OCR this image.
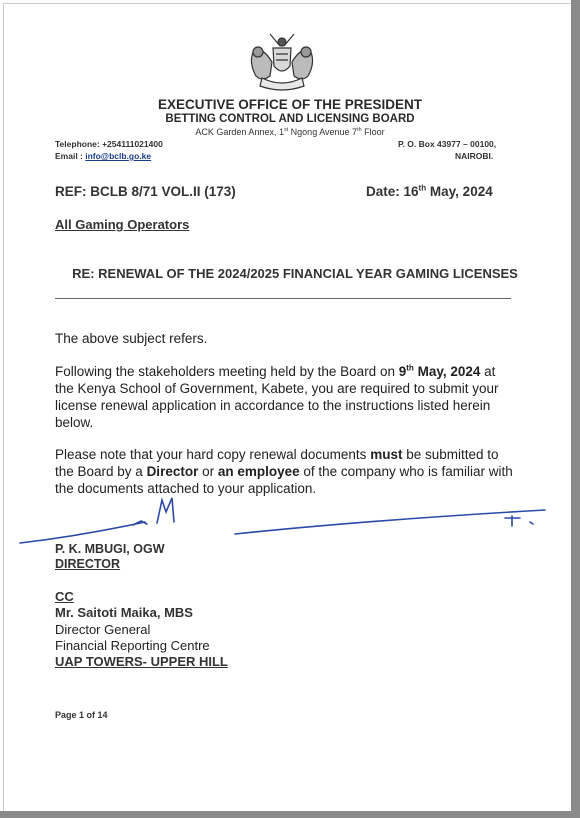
EXECUTIVE OFFICE OF THE PRESIDENT
BETTING CONTROL AND LICENSING BOARD
ACK Garden Annex, 1st Ngong Avenue 7th Floor
Telephone: +254111021400
Email : info@bclb.go.ke
P. O. Box 43977 – 00100,
NAIROBI.
REF: BCLB 8/71 VOL.II (173)	Date: 16th May, 2024
All Gaming Operators
RE: RENEWAL OF THE 2024/2025 FINANCIAL YEAR GAMING LICENSES
The above subject refers.
Following the stakeholders meeting held by the Board on 9th May, 2024 at the Kenya School of Government, Kabete, you are required to submit your license renewal application in accordance to the instructions listed herein below.
Please note that your hard copy renewal documents must be submitted to the Board by a Director or an employee of the company who is familiar with the documents attached to your application.
P. K. MBUGI, OGW
DIRECTOR
CC
Mr. Saitoti Maika, MBS
Director General
Financial Reporting Centre
UAP TOWERS- UPPER HILL
Page 1 of 14
